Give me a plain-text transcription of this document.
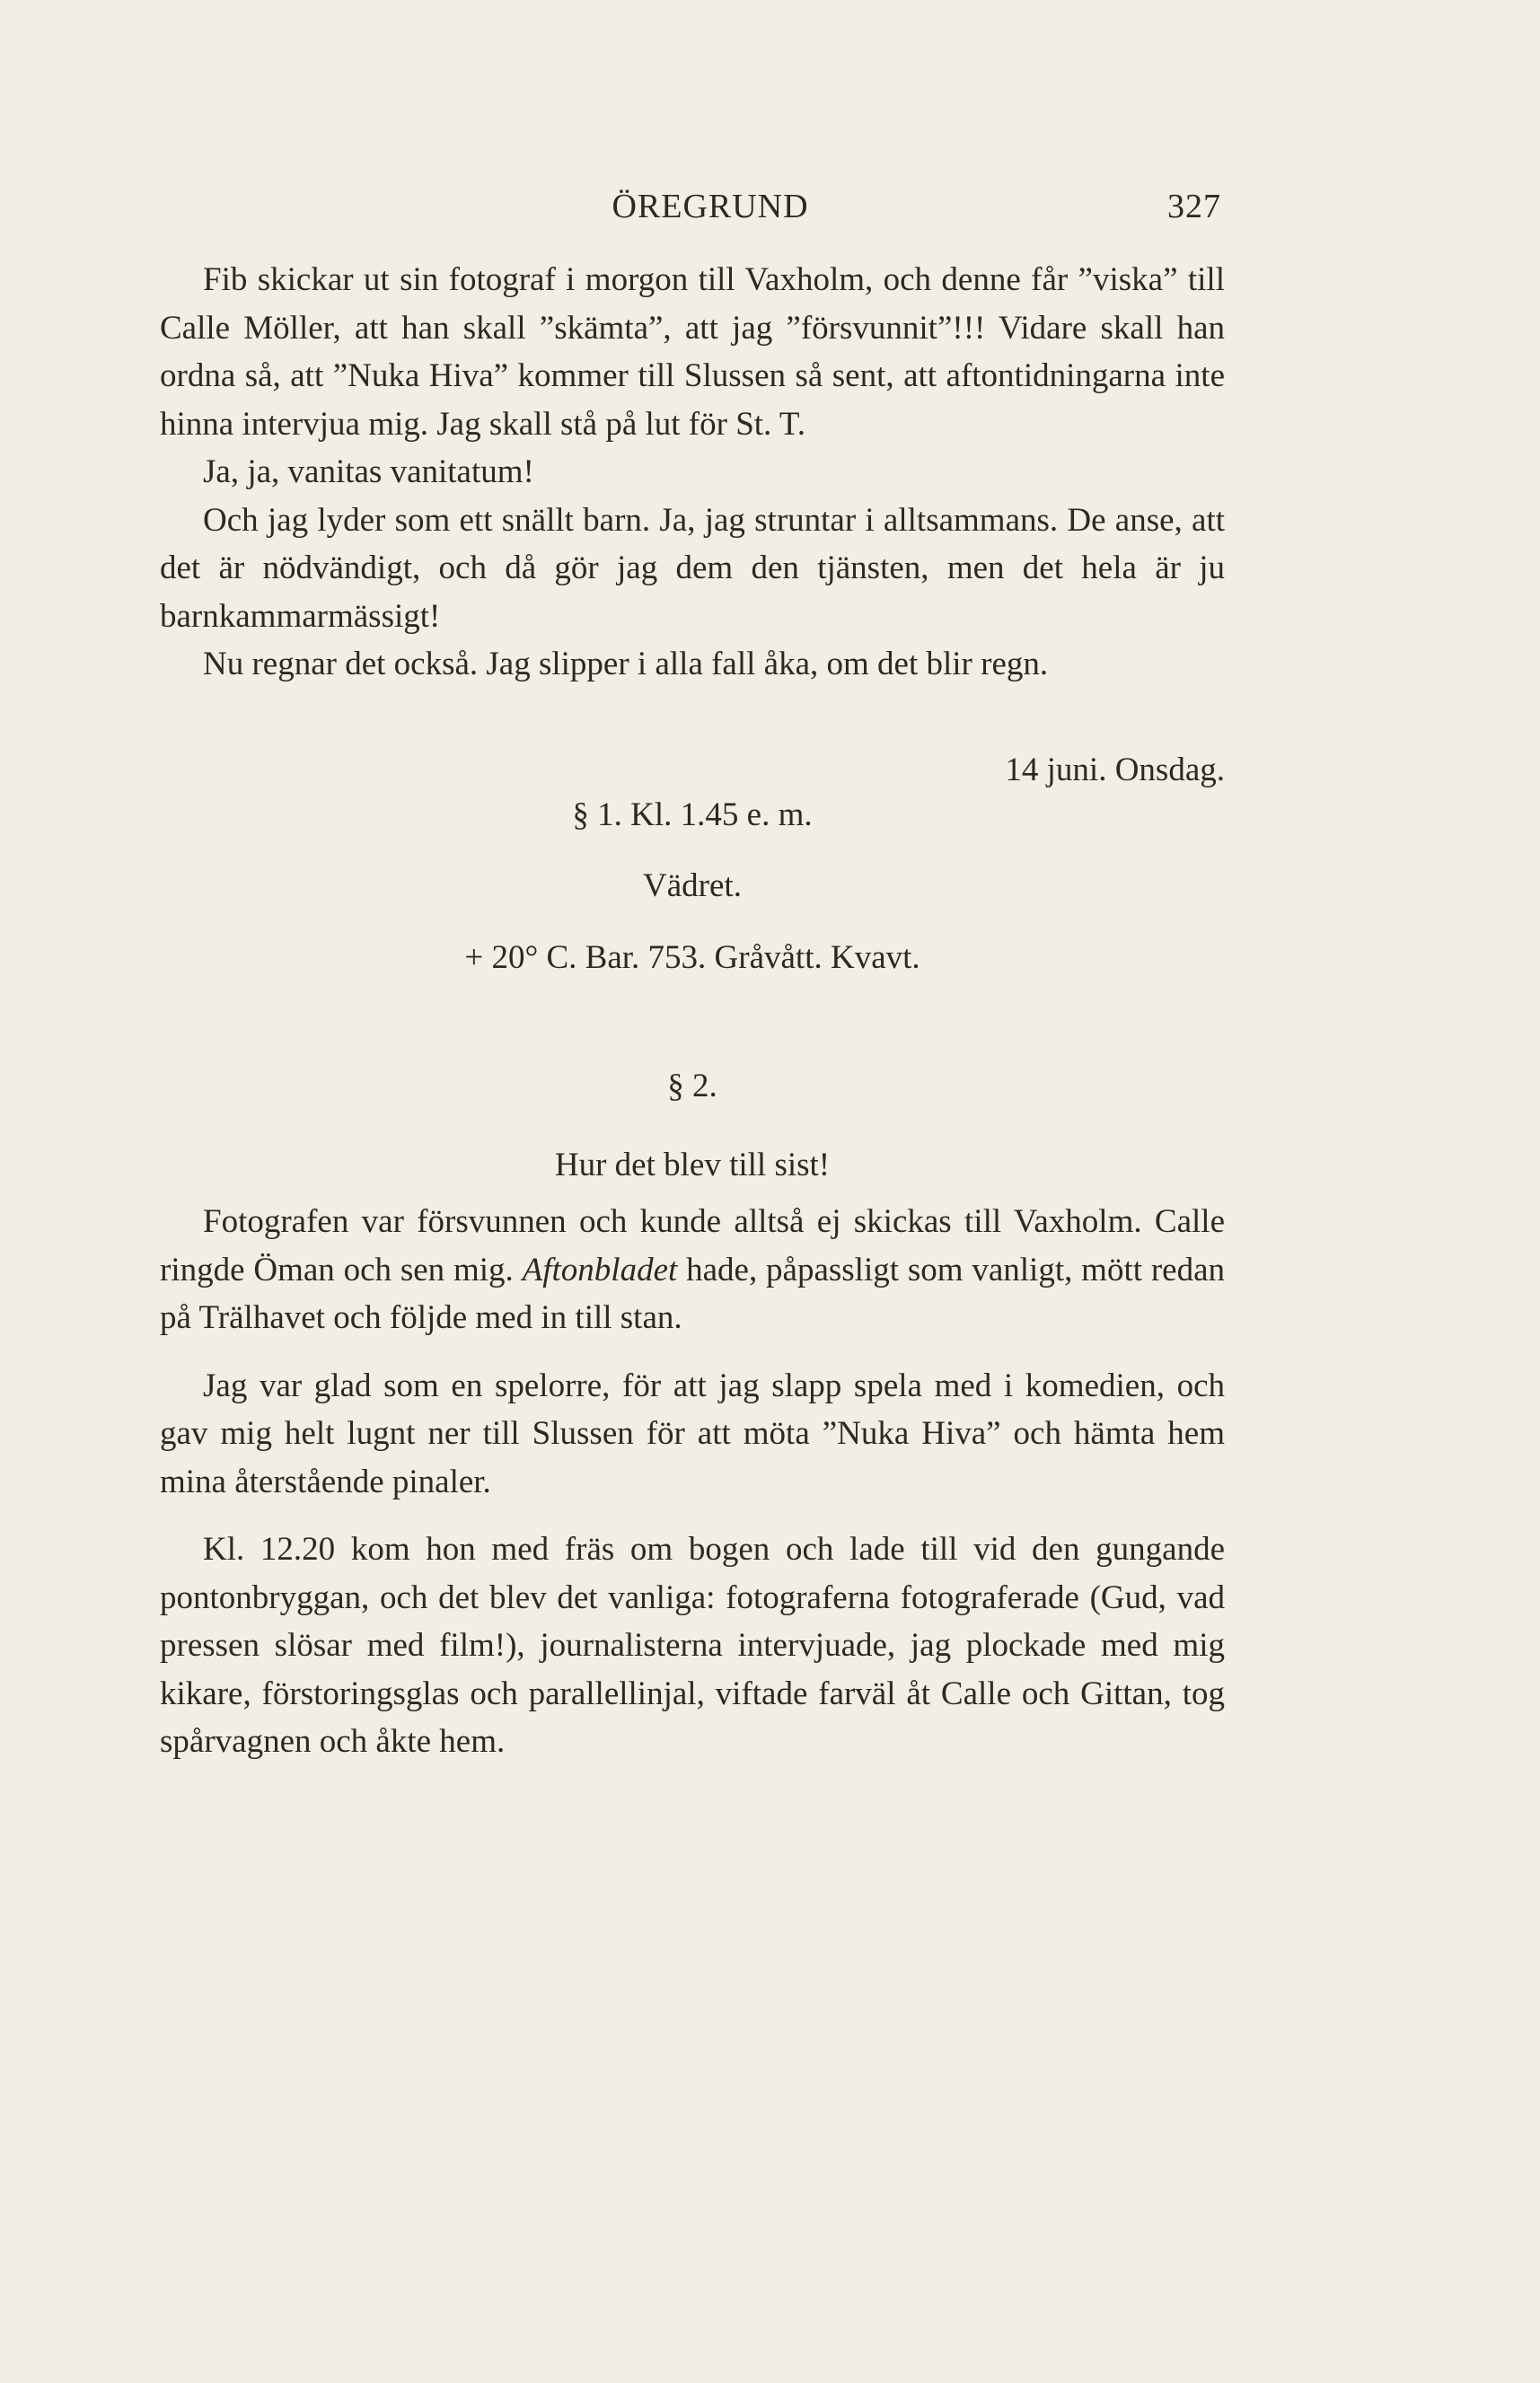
ÖREGRUND	327

Fib skickar ut sin fotograf i morgon till Vaxholm, och denne får ”viska” till Calle Möller, att han skall ”skämta”, att jag ”försvunnit”!!! Vidare skall han ordna så, att ”Nuka Hiva” kommer till Slussen så sent, att aftontidningarna inte hinna intervjua mig. Jag skall stå på lut för St. T.

Ja, ja, vanitas vanitatum!

Och jag lyder som ett snällt barn. Ja, jag struntar i alltsammans. De anse, att det är nödvändigt, och då gör jag dem den tjänsten, men det hela är ju barnkammarmässigt!

Nu regnar det också. Jag slipper i alla fall åka, om det blir regn.

14 juni. Onsdag.

§ 1. Kl. 1.45 e. m.

Vädret.

+ 20° C. Bar. 753. Gråvått. Kvavt.

§ 2.

Hur det blev till sist!

Fotografen var försvunnen och kunde alltså ej skickas till Vaxholm. Calle ringde Öman och sen mig. Aftonbladet hade, påpassligt som vanligt, mött redan på Trälhavet och följde med in till stan.

Jag var glad som en spelorre, för att jag slapp spela med i komedien, och gav mig helt lugnt ner till Slussen för att möta ”Nuka Hiva” och hämta hem mina återstående pinaler.

Kl. 12.20 kom hon med fräs om bogen och lade till vid den gungande pontonbryggan, och det blev det vanliga: fotograferna fotograferade (Gud, vad pressen slösar med film!), journalisterna intervjuade, jag plockade med mig kikare, förstoringsglas och parallellinjal, viftade farväl åt Calle och Gittan, tog spårvagnen och åkte hem.
